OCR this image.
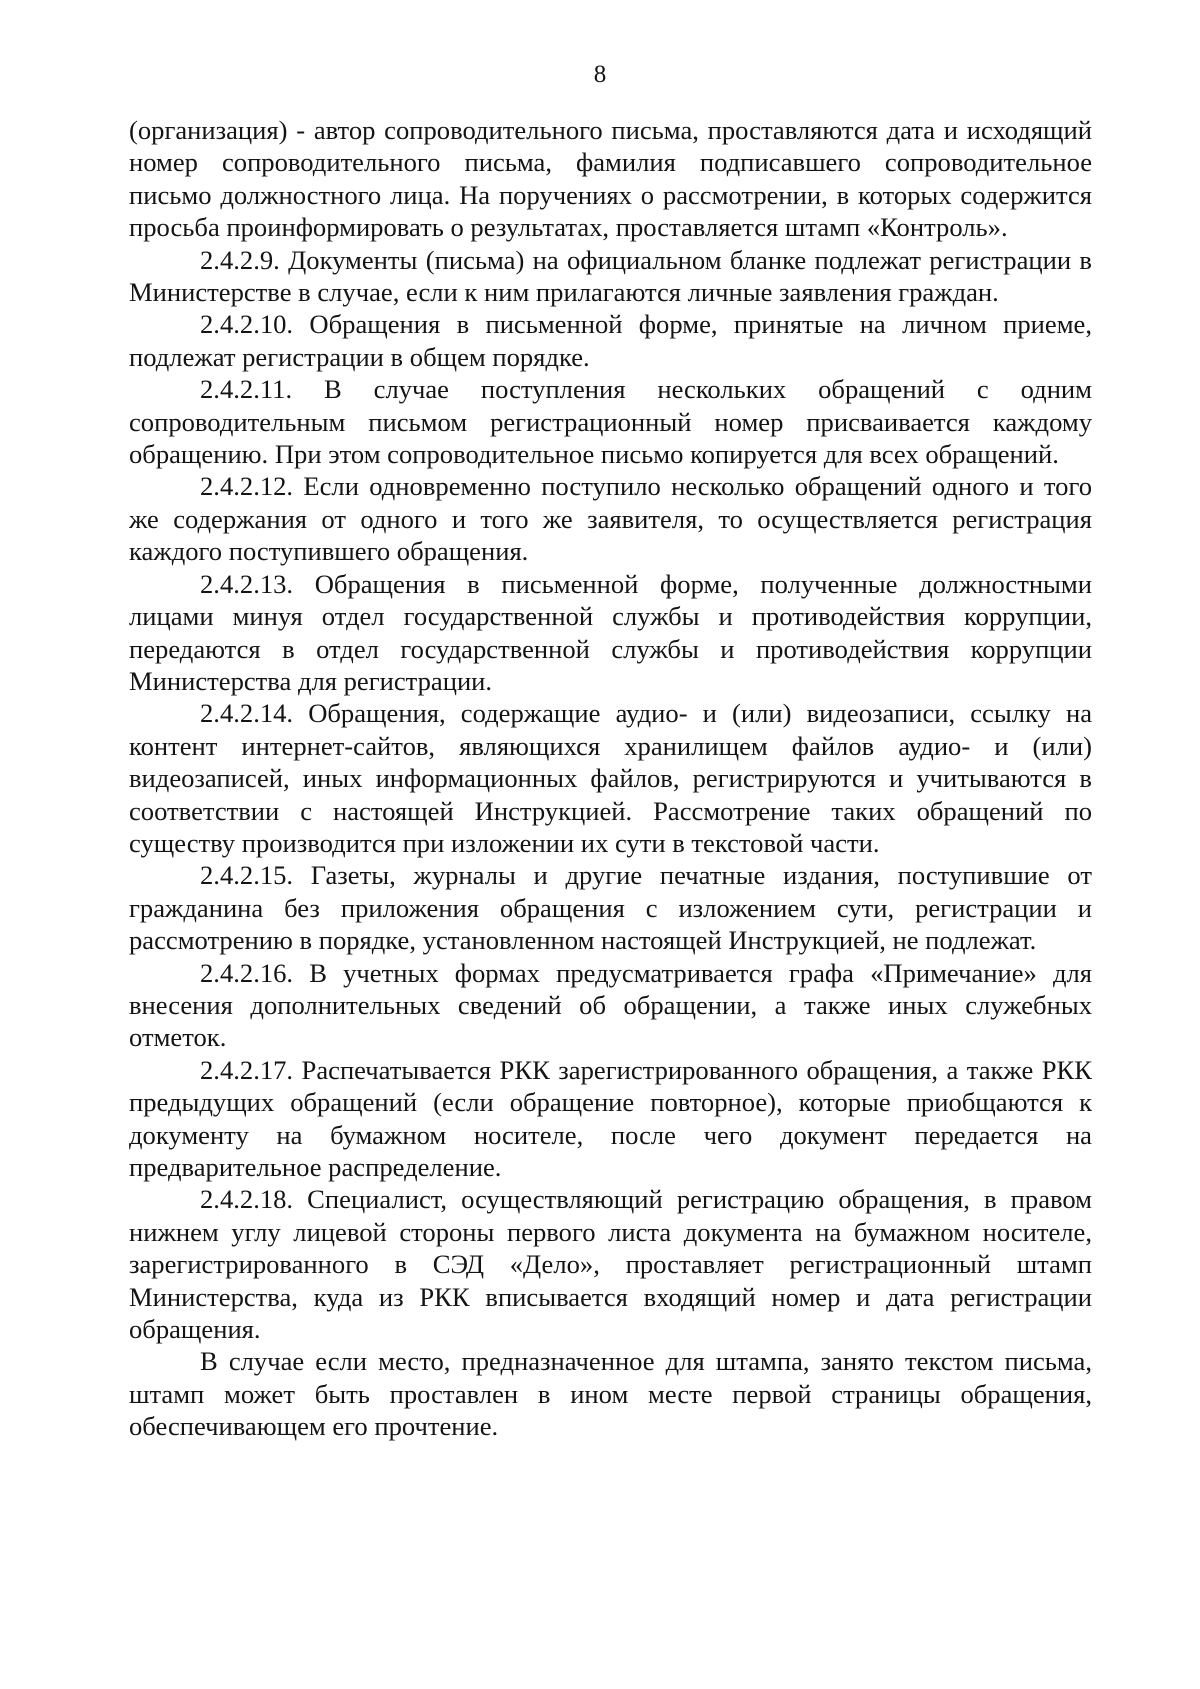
8

(организация) - автор сопроводительного письма, проставляются дата и исходящий номер сопроводительного письма, фамилия подписавшего сопроводительное письмо должностного лица. На поручениях о рассмотрении, в которых содержится просьба проинформировать о результатах, проставляется штамп «Контроль».

2.4.2.9. Документы (письма) на официальном бланке подлежат регистрации в Министерстве в случае, если к ним прилагаются личные заявления граждан.

2.4.2.10. Обращения в письменной форме, принятые на личном приеме, подлежат регистрации в общем порядке.

2.4.2.11. В случае поступления нескольких обращений с одним сопроводительным письмом регистрационный номер присваивается каждому обращению. При этом сопроводительное письмо копируется для всех обращений.

2.4.2.12. Если одновременно поступило несколько обращений одного и того же содержания от одного и того же заявителя, то осуществляется регистрация каждого поступившего обращения.

2.4.2.13. Обращения в письменной форме, полученные должностными лицами минуя отдел государственной службы и противодействия коррупции, передаются в отдел государственной службы и противодействия коррупции Министерства для регистрации.

2.4.2.14. Обращения, содержащие аудио- и (или) видеозаписи, ссылку на контент интернет-сайтов, являющихся хранилищем файлов аудио- и (или) видеозаписей, иных информационных файлов, регистрируются и учитываются в соответствии с настоящей Инструкцией. Рассмотрение таких обращений по существу производится при изложении их сути в текстовой части.

2.4.2.15. Газеты, журналы и другие печатные издания, поступившие от гражданина без приложения обращения с изложением сути, регистрации и рассмотрению в порядке, установленном настоящей Инструкцией, не подлежат.

2.4.2.16. В учетных формах предусматривается графа «Примечание» для внесения дополнительных сведений об обращении, а также иных служебных отметок.

2.4.2.17. Распечатывается РКК зарегистрированного обращения, а также РКК предыдущих обращений (если обращение повторное), которые приобщаются к документу на бумажном носителе, после чего документ передается на предварительное распределение.

2.4.2.18. Специалист, осуществляющий регистрацию обращения, в правом нижнем углу лицевой стороны первого листа документа на бумажном носителе, зарегистрированного в СЭД «Дело», проставляет регистрационный штамп Министерства, куда из РКК вписывается входящий номер и дата регистрации обращения.

В случае если место, предназначенное для штампа, занято текстом письма, штамп может быть проставлен в ином месте первой страницы обращения, обеспечивающем его прочтение.
